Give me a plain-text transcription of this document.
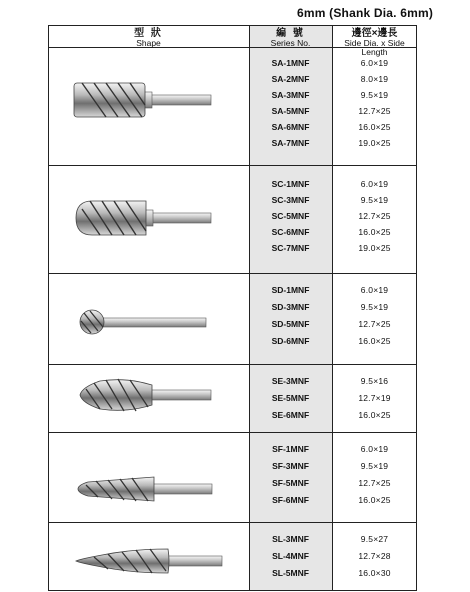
6mm (Shank Dia. 6mm)
型 狀
Shape
編 號
Series No.
邊徑×邊長
Side Dia. x Side Length
SA-1MNF
SA-2MNF
SA-3MNF
SA-5MNF
SA-6MNF
SA-7MNF
6.0×19
8.0×19
9.5×19
12.7×25
16.0×25
19.0×25
SC-1MNF
SC-3MNF
SC-5MNF
SC-6MNF
SC-7MNF
6.0×19
9.5×19
12.7×25
16.0×25
19.0×25
SD-1MNF
SD-3MNF
SD-5MNF
SD-6MNF
6.0×19
9.5×19
12.7×25
16.0×25
SE-3MNF
SE-5MNF
SE-6MNF
9.5×16
12.7×19
16.0×25
SF-1MNF
SF-3MNF
SF-5MNF
SF-6MNF
6.0×19
9.5×19
12.7×25
16.0×25
SL-3MNF
SL-4MNF
SL-5MNF
9.5×27
12.7×28
16.0×30
